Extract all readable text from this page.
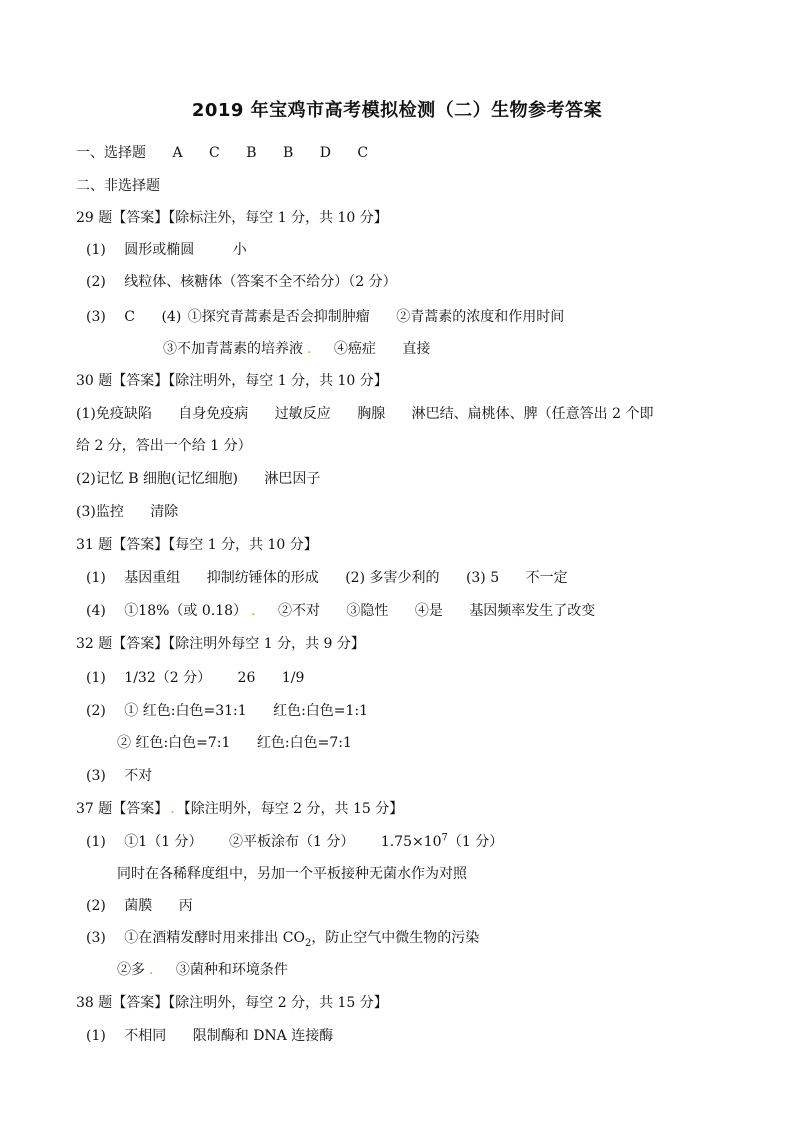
2019 年宝鸡市高考模拟检测（二）生物参考答案
一、选择题 A C B B D C
二、非选择题
29 题【答案】【除标注外，每空 1 分，共 10 分】
(1) 圆形或椭圆	小
(2) 线粒体、核糖体（答案不全不给分）（2 分）
(3) C (4) ①探究青蒿素是否会抑制肿瘤 ②青蒿素的浓度和作用时间
③不加青蒿素的培养液 . ④癌症 直接
30 题【答案】【除注明外，每空 1 分，共 10 分】
(1)免疫缺陷 自身免疫病 过敏反应 胸腺 淋巴结、扁桃体、脾（任意答出 2 个即
给 2 分，答出一个给 1 分）
(2)记忆 B 细胞(记忆细胞) 淋巴因子
(3)监控 清除
31 题【答案】【每空 1 分，共 10 分】
(1) 基因重组 抑制纺锤体的形成 (2) 多害少利的 (3) 5 不一定
(4) ①18%（或 0.18） . ②不对 ③隐性 ④是 基因频率发生了改变
32 题【答案】【除注明外每空 1 分，共 9 分】
(1) 1/32（2 分） 26 1/9
(2) ① 红色:白色=31:1 红色:白色=1:1
② 红色:白色=7:1 红色:白色=7:1
(3) 不对
37 题【答案】 . 【除注明外，每空 2 分，共 15 分】
(1) ①1（1 分） ②平板涂布（1 分） $1.75\times 10^7(1$ 分）
同时在各稀释度组中，另加一个平板接种无菌水作为对照
(2) 菌膜 丙
(3) ①在酒精发酵时用来排出 $CO_2$，防止空气中微生物的污染
②多 . ③菌种和环境条件
38 题【答案】【除注明外，每空 2 分，共 15 分】
(1) 不相同 限制酶和 DNA 连接酶
